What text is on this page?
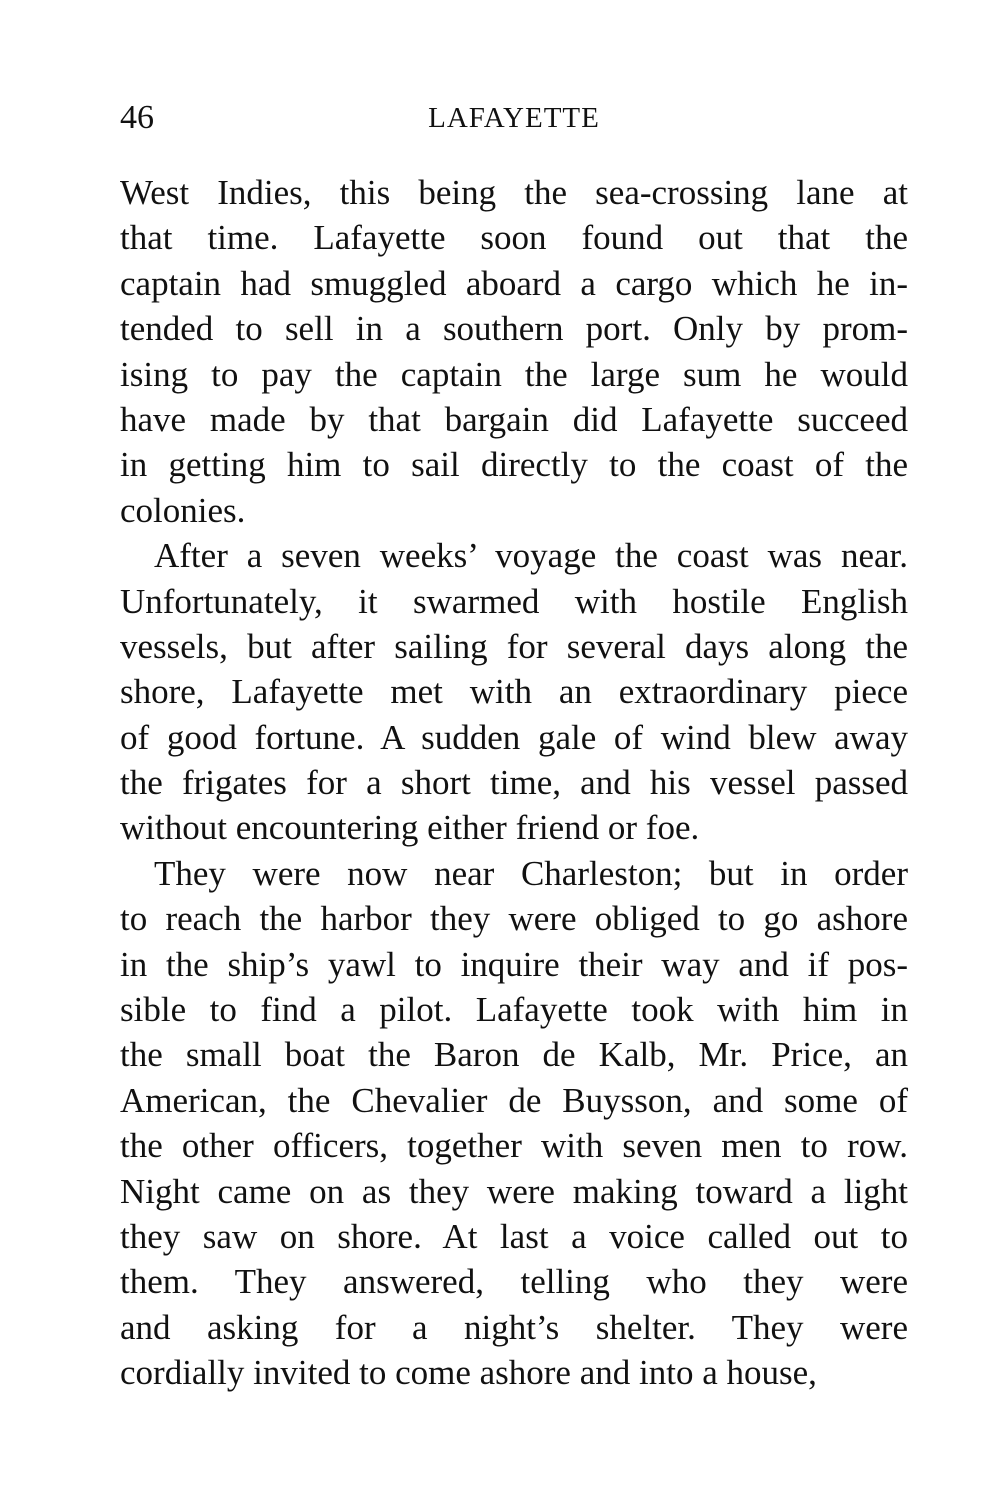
46	LAFAYETTE
West Indies, this being the sea-crossing lane at
that time. Lafayette soon found out that the
captain had smuggled aboard a cargo which he in-
tended to sell in a southern port. Only by prom-
ising to pay the captain the large sum he would
have made by that bargain did Lafayette succeed
in getting him to sail directly to the coast of the
colonies.
After a seven weeks’ voyage the coast was near.
Unfortunately, it swarmed with hostile English
vessels, but after sailing for several days along the
shore, Lafayette met with an extraordinary piece
of good fortune. A sudden gale of wind blew away
the frigates for a short time, and his vessel passed
without encountering either friend or foe.
They were now near Charleston; but in order
to reach the harbor they were obliged to go ashore
in the ship’s yawl to inquire their way and if pos-
sible to find a pilot. Lafayette took with him in
the small boat the Baron de Kalb, Mr. Price, an
American, the Chevalier de Buysson, and some of
the other officers, together with seven men to row.
Night came on as they were making toward a light
they saw on shore. At last a voice called out to
them. They answered, telling who they were
and asking for a night’s shelter. They were
cordially invited to come ashore and into a house,
